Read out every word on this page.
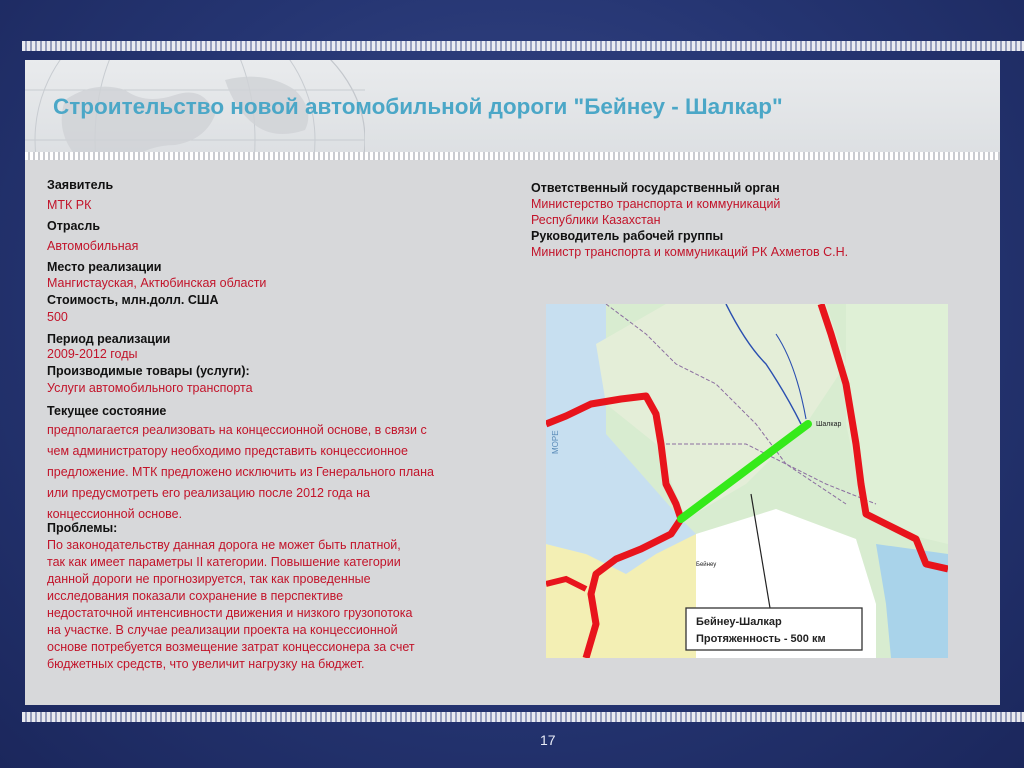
Строительство новой автомобильной дороги "Бейнеу - Шалкар"
Заявитель
МТК РК
Отрасль
Автомобильная
Место реализации
Мангистауская, Актюбинская области
Стоимость, млн.долл. США
500
Период реализации
2009-2012 годы
Производимые товары (услуги):
Услуги автомобильного транспорта
Текущее состояние
предполагается реализовать на концессионной основе, в связи с
чем администратору необходимо представить концессионное
предложение. МТК предложено исключить из Генерального плана
или предусмотреть его реализацию после 2012 года на
концессионной основе.
Проблемы:
По законодательству данная дорога не может быть платной,
так как имеет параметры II категории. Повышение категории
данной дороги не прогнозируется, так как проведенные
исследования показали сохранение в перспективе
недостаточной интенсивности движения и низкого грузопотока
на участке. В случае реализации проекта на концессионной
основе потребуется возмещение затрат концессионера за счет
бюджетных средств, что увеличит нагрузку на бюджет.
Ответственный государственный орган
Министерство транспорта и коммуникаций
Республики Казахстан
Руководитель рабочей группы
Министр транспорта и коммуникаций РК Ахметов С.Н.
Шалкар
Бейнеу
МОРЕ
Бейнеу-Шалкар
Протяженность - 500 км
17
